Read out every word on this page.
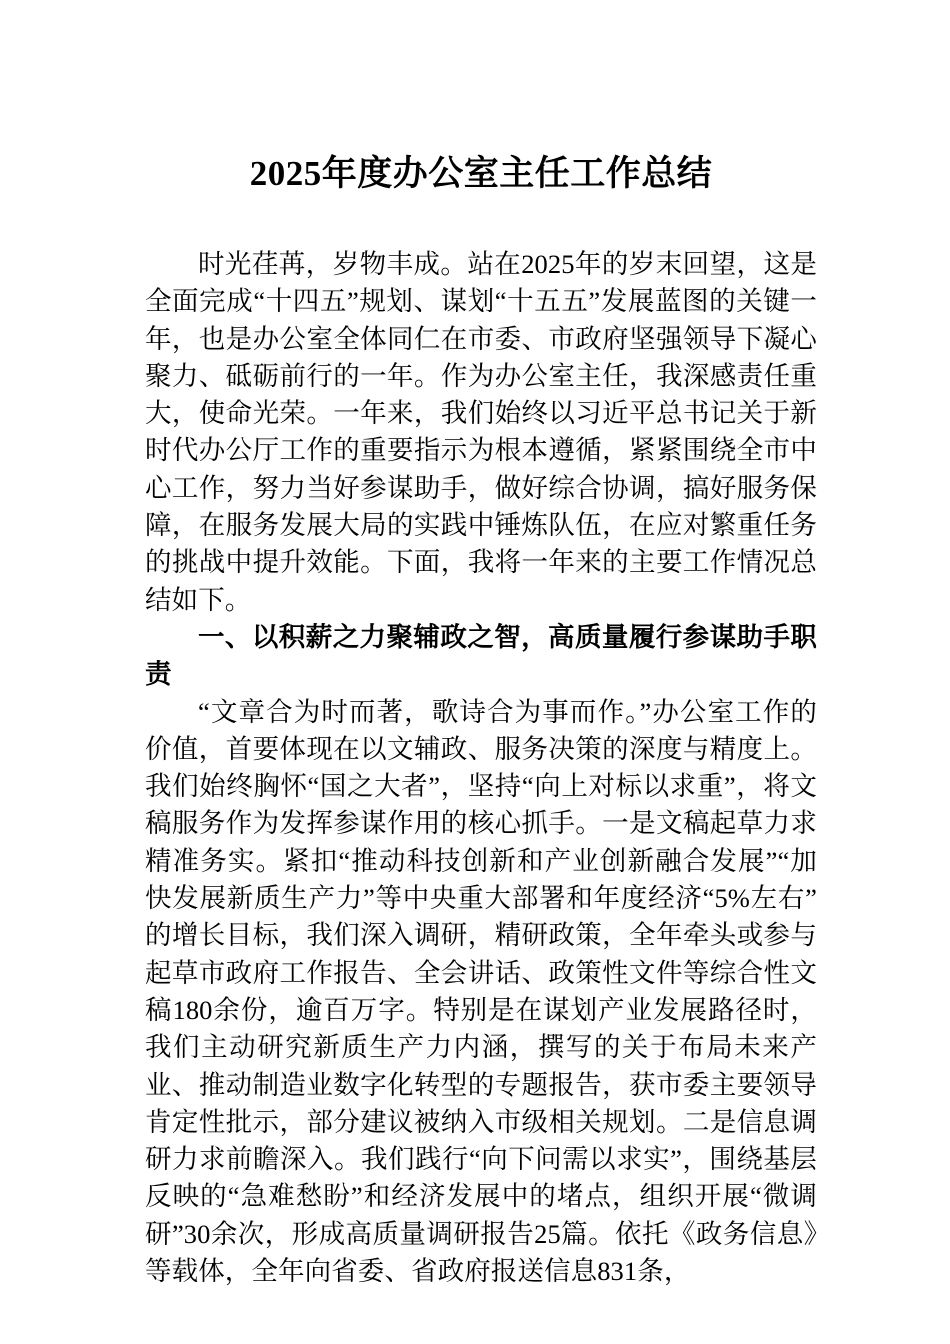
2025年度办公室主任工作总结

时光荏苒，岁物丰成。站在2025年的岁末回望，这是全面完成“十四五”规划、谋划“十五五”发展蓝图的关键一年，也是办公室全体同仁在市委、市政府坚强领导下凝心聚力、砥砺前行的一年。作为办公室主任，我深感责任重大，使命光荣。一年来，我们始终以习近平总书记关于新时代办公厅工作的重要指示为根本遵循，紧紧围绕全市中心工作，努力当好参谋助手，做好综合协调，搞好服务保障，在服务发展大局的实践中锤炼队伍，在应对繁重任务的挑战中提升效能。下面，我将一年来的主要工作情况总结如下。

一、以积薪之力聚辅政之智，高质量履行参谋助手职责

“文章合为时而著，歌诗合为事而作。”办公室工作的价值，首要体现在以文辅政、服务决策的深度与精度上。我们始终胸怀“国之大者”，坚持“向上对标以求重”，将文稿服务作为发挥参谋作用的核心抓手。一是文稿起草力求精准务实。紧扣“推动科技创新和产业创新融合发展”“加快发展新质生产力”等中央重大部署和年度经济“5%左右”的增长目标，我们深入调研，精研政策，全年牵头或参与起草市政府工作报告、全会讲话、政策性文件等综合性文稿180余份，逾百万字。特别是在谋划产业发展路径时，我们主动研究新质生产力内涵，撰写的关于布局未来产业、推动制造业数字化转型的专题报告，获市委主要领导肯定性批示，部分建议被纳入市级相关规划。二是信息调研力求前瞻深入。我们践行“向下问需以求实”，围绕基层反映的“急难愁盼”和经济发展中的堵点，组织开展“微调研”30余次，形成高质量调研报告25篇。依托《政务信息》等载体，全年向省委、省政府报送信息831条，
